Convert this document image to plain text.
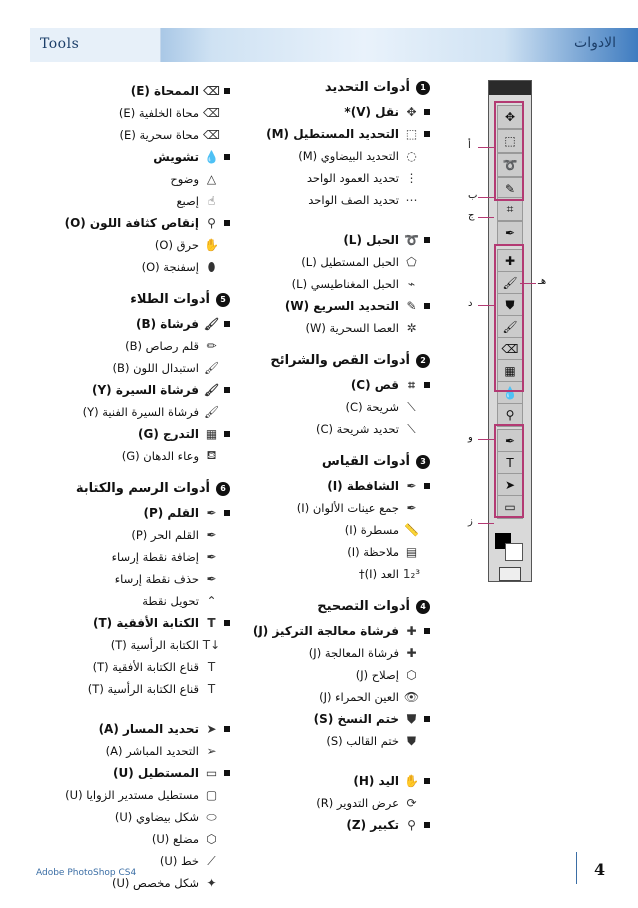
Tools	الادوات
1
أدوات التحديد
✥
نقل (V)*
⬚
التحديد المستطيل (M)
◌
التحديد البيضاوي (M)
⋮
تحديد العمود الواحد
⋯
تحديد الصف الواحد
➰
الحبل (L)
⬠
الحبل المستطيل (L)
⌁
الحبل المغناطيسي (L)
✎
التحديد السريع (W)
✲
العصا السحرية (W)
2
أدوات القص والشرائح
⌗
قص (C)
⟋
شريحة (C)
⟋
تحديد شريحة (C)
3
أدوات القياس
✒
الشافطة (I)
✒
جمع عينات الألوان (I)
📏
مسطرة (I)
▤
ملاحظة (I)
1₂³
العد (I)†
4
أدوات التصحيح
✚
فرشاة معالجة التركيز (J)
✚
فرشاة المعالجة (J)
⬡
إصلاح (J)
👁
العين الحمراء (J)
⛊
ختم النسخ (S)
⛊
ختم القالب (S)
✋
اليد (H)
⟳
عرض التدوير (R)
⚲
تكبير (Z)
⌫
الممحاة (E)
⌫
محاة الخلفية (E)
⌫
محاة سحرية (E)
💧
تشويش
△
وضوح
☝
إصبع
⚲
إنقاص كثافة اللون (O)
✋
حرق (O)
⬮
إسفنجة (O)
5
أدوات الطلاء
🖌
فرشاة (B)
✏
قلم رصاص (B)
🖌
استبدال اللون (B)
🖌
فرشاة السيرة (Y)
🖌
فرشاة السيرة الفنية (Y)
▦
التدرج (G)
⛾
وعاء الدهان (G)
6
أدوات الرسم والكتابة
✒
القلم (P)
✒
القلم الحر (P)
✒
إضافة نقطة إرساء
✒
حذف نقطة إرساء
⌃
تحويل نقطة
T
الكتابة الأفقية (T)
↓T
الكتابة الرأسية (T)
T
قناع الكتابة الأفقية (T)
T
قناع الكتابة الرأسية (T)
➤
تحديد المسار (A)
➢
التحديد المباشر (A)
▭
المستطيل (U)
▢
مستطيل مستدير الزوايا (U)
⬭
شكل بيضاوي (U)
⬡
مضلع (U)
⟍
خط (U)
✦
شكل مخصص (U)
✥
⬚
➰
✎
⌗
✒
✚
🖌
⛊
🖌
⌫
▦
💧
⚲
✒
T
➤
▭
أ
ب
ج
د
هـ
و
ز
Adobe PhotoShop CS4	4
